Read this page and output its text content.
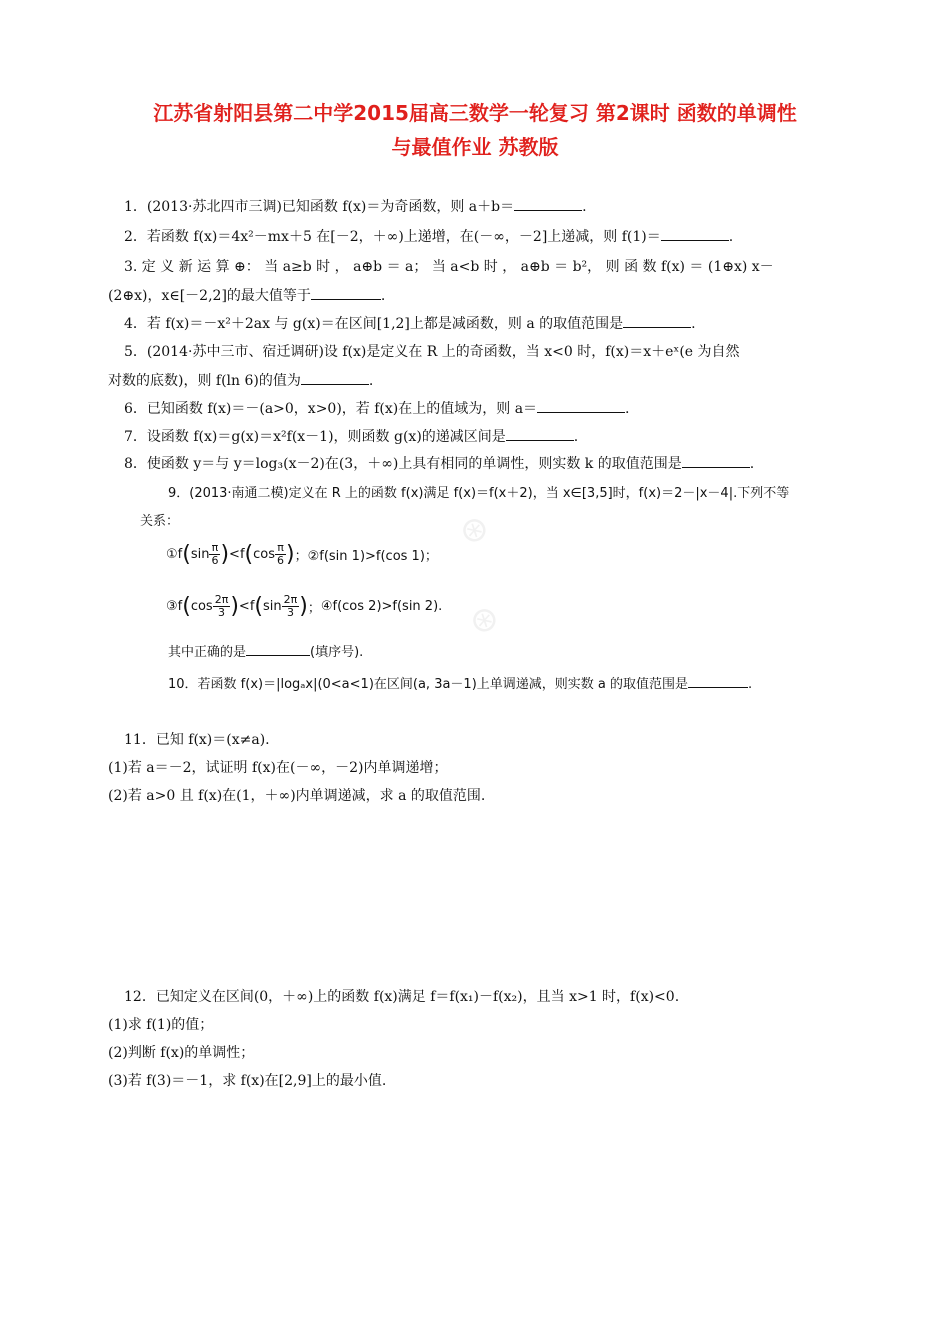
江苏省射阳县第二中学2015届高三数学一轮复习 第2课时 函数的单调性
与最值作业 苏教版
1．(2013·苏北四市三调)已知函数 f(x)＝为奇函数，则 a＋b＝	.
2．若函数 f(x)＝4x²－mx＋5 在[－2，＋∞)上递增，在(－∞，－2]上递减，则 f(1)＝	.
3. 定 义 新 运 算 ⊕： 当 a≥b 时 ， a⊕b ＝ a； 当 a<b 时 ， a⊕b ＝ b²， 则 函 数 f(x) ＝ (1⊕x) x－
(2⊕x)，x∈[－2,2]的最大值等于	.
4．若 f(x)＝－x²＋2ax 与 g(x)＝在区间[1,2]上都是减函数，则 a 的取值范围是	.
5．(2014·苏中三市、宿迁调研)设 f(x)是定义在 R 上的奇函数，当 x<0 时，f(x)＝x＋eˣ(e 为自然
对数的底数)，则 f(ln 6)的值为	.
6．已知函数 f(x)＝－(a>0，x>0)，若 f(x)在上的值域为，则 a＝	.
7．设函数 f(x)＝g(x)＝x²f(x－1)，则函数 g(x)的递减区间是	.
8．使函数 y＝与 y＝log₃(x－2)在(3，＋∞)上具有相同的单调性，则实数 k 的取值范围是	.
⊛
⊛
9．(2013·南通二模)定义在 R 上的函数 f(x)满足 f(x)＝f(x＋2)，当 x∈[3,5]时，f(x)＝2－|x－4|.下列不等
关系：
①f(sin $\frac{\pi}{6} )<f(\cos \frac{\pi}{6}$ )；②f(sin 1)>f(cos 1)；
③f(cos $\frac{2\pi}{3} )<f(\sin \frac{2\pi}{3}$ )；④f(cos 2)>f(sin 2).
其中正确的是	(填序号).
10．若函数 f(x)＝|logₐx|(0<a<1)在区间(a, 3a－1)上单调递减，则实数 a 的取值范围是	.
11．已知 f(x)＝(x≠a).
(1)若 a＝－2，试证明 f(x)在(－∞，－2)内单调递增；
(2)若 a>0 且 f(x)在(1，＋∞)内单调递减，求 a 的取值范围.
12．已知定义在区间(0，＋∞)上的函数 f(x)满足 f＝f(x₁)－f(x₂)，且当 x>1 时，f(x)<0.
(1)求 f(1)的值；
(2)判断 f(x)的单调性；
(3)若 f(3)＝－1，求 f(x)在[2,9]上的最小值.
